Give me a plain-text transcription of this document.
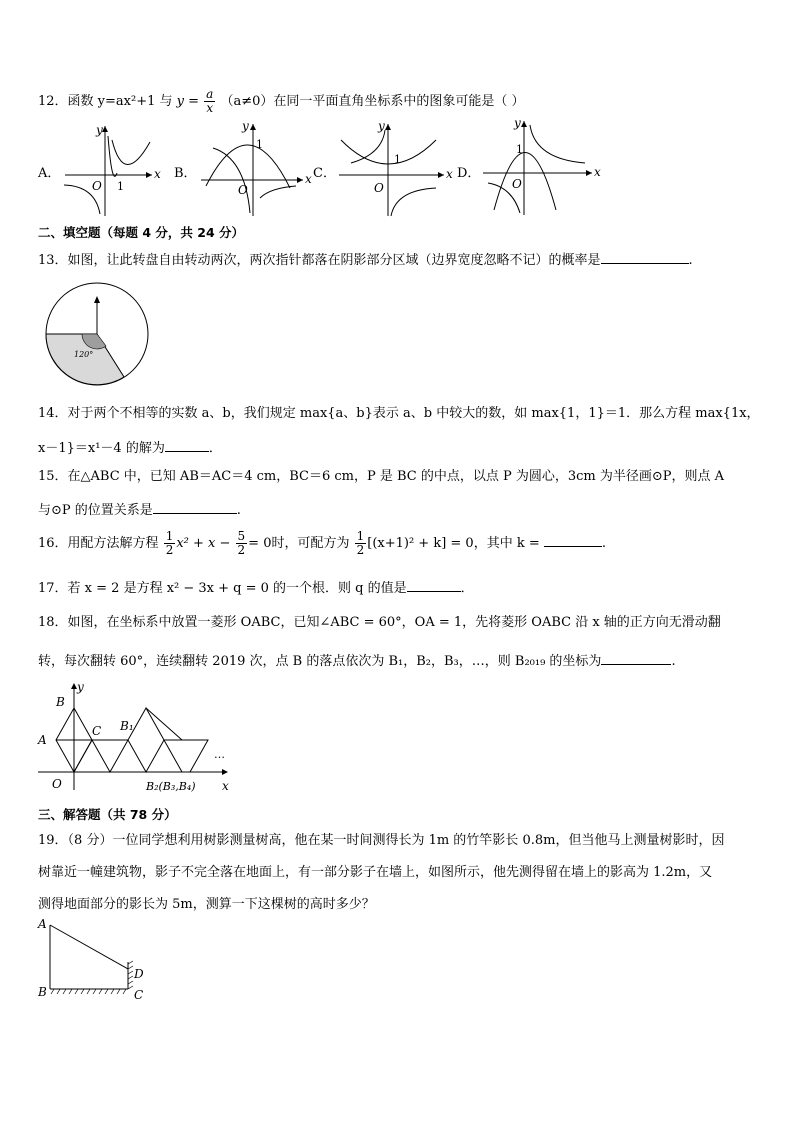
12．函数 y=ax²+1 与 $y = \frac{a}{x} (a\ne 0)$在同一平面直角坐标系中的图象可能是（ ）
A．
y
x
O 1
B．
y
x
O
1
C．
y
x
O
1
D．
y
x
O
1
二、填空题（每题 4 分，共 24 分）
13．如图，让此转盘自由转动两次，两次指针都落在阴影部分区域（边界宽度忽略不记）的概率是	.
120°
14．对于两个不相等的实数 a、b，我们规定 max{a、b}表示 a、b 中较大的数，如 max{1，1}＝1．那么方程 max{1x，
x－1}＝x¹－4 的解为	．
15．在△ABC 中，已知 AB＝AC＝4 cm，BC＝6 cm，P 是 BC 的中点，以点 P 为圆心，3cm 为半径画⊙P，则点 A
与⊙P 的位置关系是	.
16．用配方法解方程 $\frac{1}{2} x^2 + x - \frac{5}{2} = 0$时，可配方为 $\frac{1}{2} [(x+1)^2 + k] = 0$，其中 k =	.
17．若 x = 2 是方程 x² − 3x + q = 0 的一个根．则 q 的值是	．
18．如图，在坐标系中放置一菱形 OABC，已知∠ABC = 60°，OA = 1，先将菱形 OABC 沿 x 轴的正方向无滑动翻
转，每次翻转 60°，连续翻转 2019 次，点 B 的落点依次为 B₁，B₂，B₃，…，则 B₂₀₁₉ 的坐标为	.
y
x
B
A
C
O
B₁
B₂(B₃,B₄)
…
三、解答题（共 78 分）
19．（8 分）一位同学想利用树影测量树高，他在某一时间测得长为 1m 的竹竿影长 0.8m，但当他马上测量树影时，因
树靠近一幢建筑物，影子不完全落在地面上，有一部分影子在墙上，如图所示，他先测得留在墙上的影高为 1.2m，又
测得地面部分的影长为 5m，测算一下这棵树的高时多少？
A
B
D
C
